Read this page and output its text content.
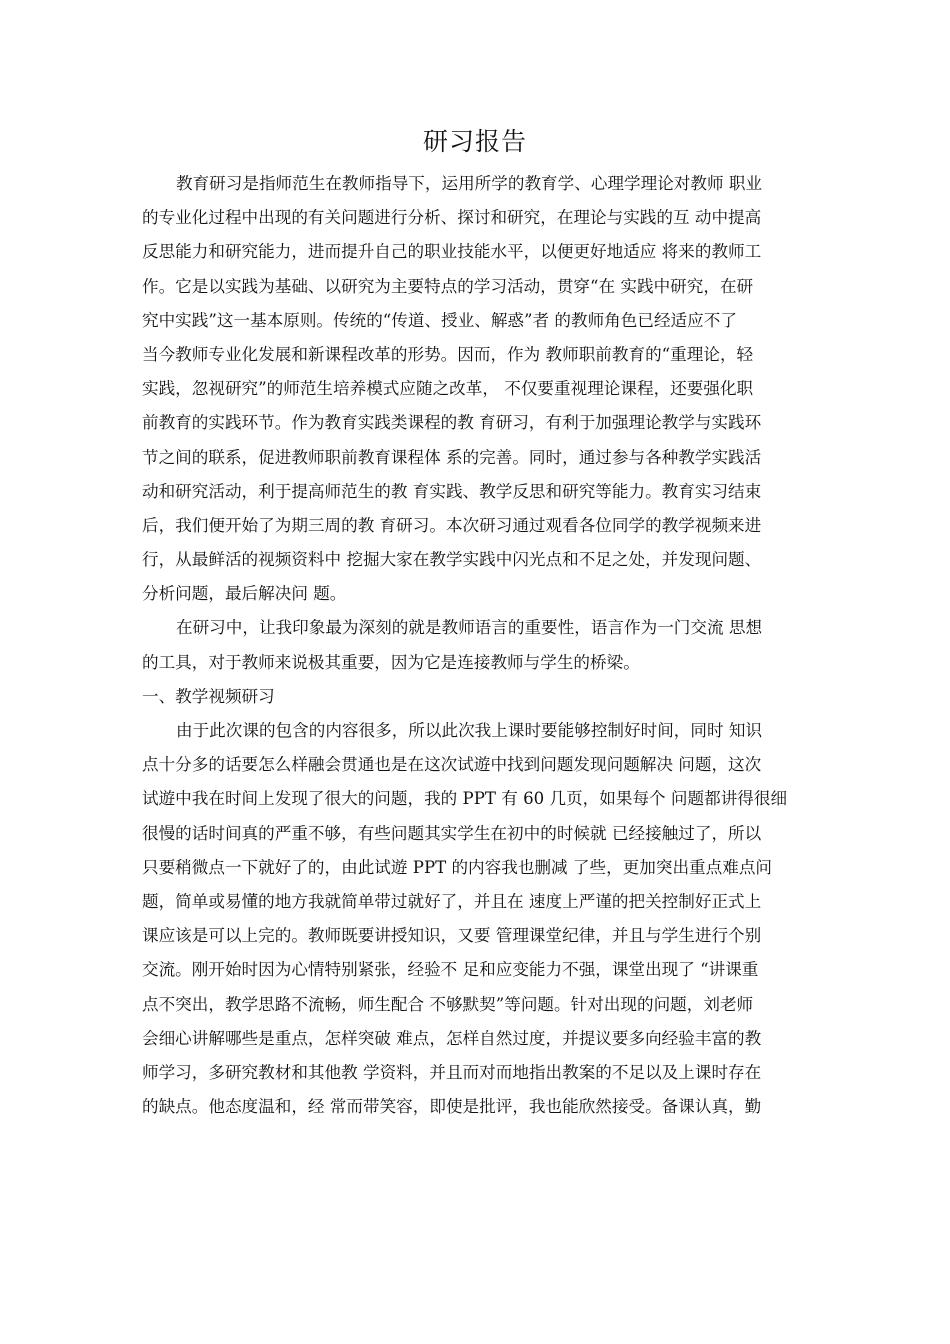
研习报告
教育研习是指师范生在教师指导下，运用所学的教育学、心理学理论对教师 职业
的专业化过程中出现的有关问题进行分析、探讨和研究，在理论与实践的互 动中提高
反思能力和研究能力，进而提升自己的职业技能水平，以便更好地适应 将来的教师工
作。它是以实践为基础、以研究为主要特点的学习活动，贯穿“在 实践中研究，在研
究中实践”这一基本原则。传统的“传道、授业、解惑”者 的教师角色已经适应不了
当今教师专业化发展和新课程改革的形势。因而，作为 教师职前教育的“重理论，轻
实践，忽视研究”的师范生培养模式应随之改革， 不仅要重视理论课程，还要强化职
前教育的实践环节。作为教育实践类课程的教 育研习，有利于加强理论教学与实践环
节之间的联系，促进教师职前教育课程体 系的完善。同时，通过参与各种教学实践活
动和研究活动，利于提高师范生的教 育实践、教学反思和研究等能力。教育实习结束
后，我们便开始了为期三周的教 育研习。本次研习通过观看各位同学的教学视频来进
行，从最鲜活的视频资料中 挖掘大家在教学实践中闪光点和不足之处，并发现问题、
分析问题，最后解决问 题。
在研习中，让我印象最为深刻的就是教师语言的重要性，语言作为一门交流 思想
的工具，对于教师来说极其重要，因为它是连接教师与学生的桥梁。
一、教学视频研习
由于此次课的包含的内容很多，所以此次我上课时要能够控制好时间，同时 知识
点十分多的话要怎么样融会贯通也是在这次试遊中找到问题发现问题解决 问题，这次
试遊中我在时间上发现了很大的问题，我的 PPT 有 60 几页，如果每个 问题都讲得很细
很慢的话时间真的严重不够，有些问题其实学生在初中的时候就 已经接触过了，所以
只要稍微点一下就好了的，由此试遊 PPT 的内容我也删减 了些，更加突出重点难点问
题，简单或易懂的地方我就简单带过就好了，并且在 速度上严谨的把关控制好正式上
课应该是可以上完的。教师既要讲授知识，又要 管理课堂纪律，并且与学生进行个别
交流。刚开始时因为心情特别紧张，经验不 足和应变能力不强，课堂出现了 “讲课重
点不突出，教学思路不流畅，师生配合 不够默契”等问题。针对出现的问题，刘老师
会细心讲解哪些是重点，怎样突破 难点，怎样自然过度，并提议要多向经验丰富的教
师学习，多研究教材和其他教 学资料，并且而对而地指出教案的不足以及上课时存在
的缺点。他态度温和，经 常而带笑容，即使是批评，我也能欣然接受。备课认真，勤
